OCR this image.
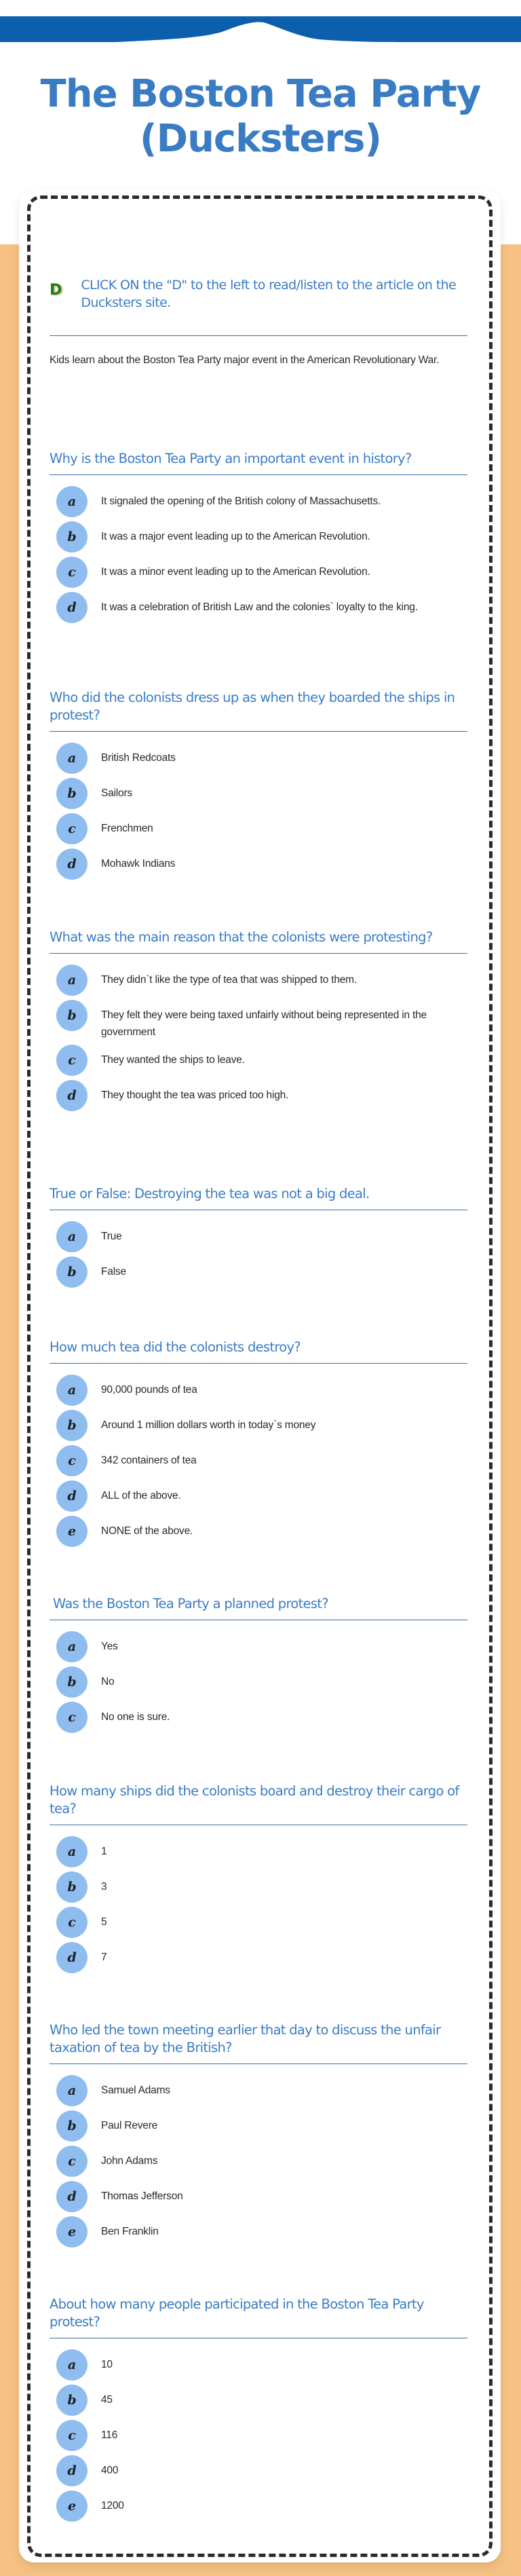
The Boston Tea Party
(Ducksters)
D CLICK ON the "D" to the left to read/listen to the article on the Ducksters site.
Kids learn about the Boston Tea Party major event in the American Revolutionary War.
Why is the Boston Tea Party an important event in history?
a	It signaled the opening of the British colony of Massachusetts.
b	It was a major event leading up to the American Revolution.
c	It was a minor event leading up to the American Revolution.
d	It was a celebration of British Law and the colonies` loyalty to the king.
Who did the colonists dress up as when they boarded the ships in protest?
a	British Redcoats
b	Sailors
c	Frenchmen
d	Mohawk Indians
What was the main reason that the colonists were protesting?
a	They didn`t like the type of tea that was shipped to them.
b	They felt they were being taxed unfairly without being represented in the government
c	They wanted the ships to leave.
d	They thought the tea was priced too high.
True or False: Destroying the tea was not a big deal.
a	True
b	False
How much tea did the colonists destroy?
a	90,000 pounds of tea
b	Around 1 million dollars worth in today`s money
c	342 containers of tea
d	ALL of the above.
e	NONE of the above.
Was the Boston Tea Party a planned protest?
a	Yes
b	No
c	No one is sure.
How many ships did the colonists board and destroy their cargo of tea?
a	1
b	3
c	5
d	7
Who led the town meeting earlier that day to discuss the unfair taxation of tea by the British?
a	Samuel Adams
b	Paul Revere
c	John Adams
d	Thomas Jefferson
e	Ben Franklin
About how many people participated in the Boston Tea Party protest?
a	10
b	45
c	116
d	400
e	1200
